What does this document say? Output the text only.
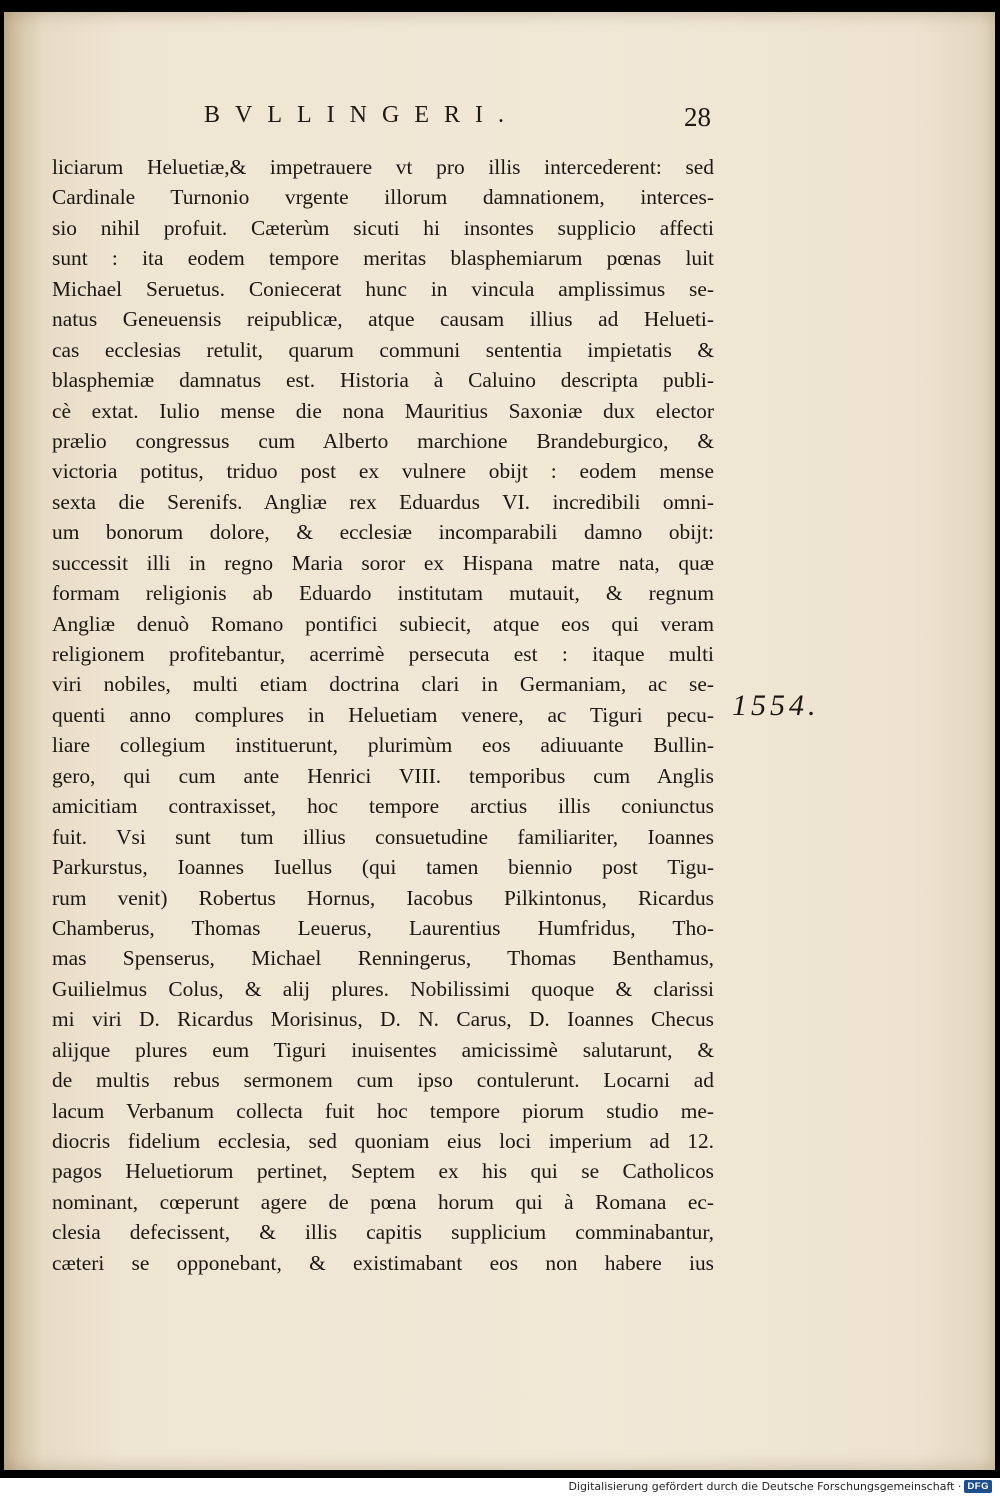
BVLLINGERI.	28
liciarum Heluetiæ,& impetrauere vt pro illis intercederent: sed
Cardinale Turnonio vrgente illorum damnationem, interces-
sio nihil profuit. Cæterùm sicuti hi insontes supplicio affecti
sunt : ita eodem tempore meritas blasphemiarum pœnas luit
Michael Seruetus. Coniecerat hunc in vincula amplissimus se-
natus Geneuensis reipublicæ, atque causam illius ad Helueti-
cas ecclesias retulit, quarum communi sententia impietatis &
blasphemiæ damnatus est. Historia à Caluino descripta publi-
cè extat. Iulio mense die nona Mauritius Saxoniæ dux elector
prælio congressus cum Alberto marchione Brandeburgico, &
victoria potitus, triduo post ex vulnere obijt : eodem mense
sexta die Serenifs. Angliæ rex Eduardus VI. incredibili omni-
um bonorum dolore, & ecclesiæ incomparabili damno obijt:
successit illi in regno Maria soror ex Hispana matre nata, quæ
formam religionis ab Eduardo institutam mutauit, & regnum
Angliæ denuò Romano pontifici subiecit, atque eos qui veram
religionem profitebantur, acerrimè persecuta est : itaque multi
viri nobiles, multi etiam doctrina clari in Germaniam, ac se-
quenti anno complures in Heluetiam venere, ac Tiguri pecu-
liare collegium instituerunt, plurimùm eos adiuuante Bullin-
gero, qui cum ante Henrici VIII. temporibus cum Anglis
amicitiam contraxisset, hoc tempore arctius illis coniunctus
fuit. Vsi sunt tum illius consuetudine familiariter, Ioannes
Parkurstus, Ioannes Iuellus (qui tamen biennio post Tigu-
rum venit) Robertus Hornus, Iacobus Pilkintonus, Ricardus
Chamberus, Thomas Leuerus, Laurentius Humfridus, Tho-
mas Spenserus, Michael Renningerus, Thomas Benthamus,
Guilielmus Colus, & alij plures. Nobilissimi quoque & clarissi
mi viri D. Ricardus Morisinus, D. N. Carus, D. Ioannes Checus
alijque plures eum Tiguri inuisentes amicissimè salutarunt, &
de multis rebus sermonem cum ipso contulerunt. Locarni ad
lacum Verbanum collecta fuit hoc tempore piorum studio me-
diocris fidelium ecclesia, sed quoniam eius loci imperium ad 12.
pagos Heluetiorum pertinet, Septem ex his qui se Catholicos
nominant, cœperunt agere de pœna horum qui à Romana ec-
clesia defecissent, & illis capitis supplicium comminabantur,
cæteri se opponebant, & existimabant eos non habere ius
1554.
Digitalisierung gefördert durch die Deutsche Forschungsgemeinschaft · DFG
